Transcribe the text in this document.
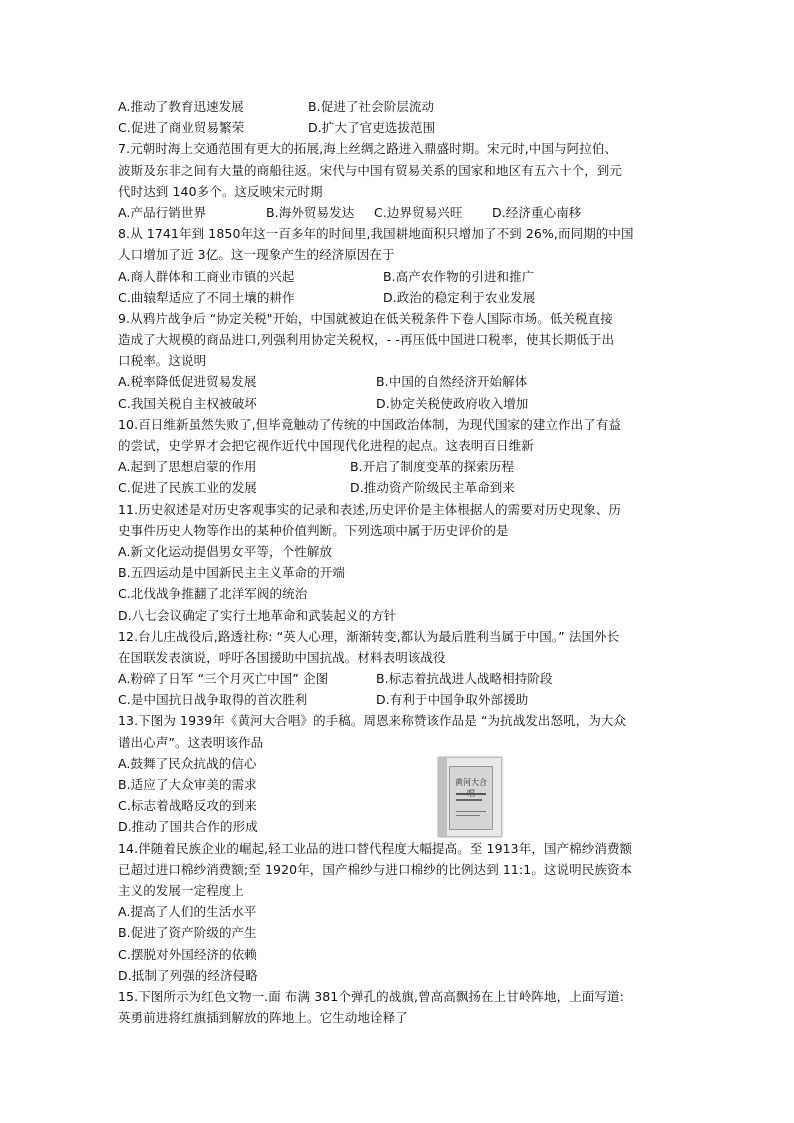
A.推动了教育迅速发展	B.促进了社会阶层流动
C.促进了商业贸易繁荣	D.扩大了官吏选拔范围
7.元朝时海上交通范围有更大的拓展,海上丝绸之路进入鼎盛时期。宋元时,中国与阿拉伯、
波斯及东非之间有大量的商船往返。宋代与中国有贸易关系的国家和地区有五六十个，到元
代时达到 140多个。这反映宋元时期
A.产品行销世界	B.海外贸易发达	C.边界贸易兴旺	D.经济重心南移
8.从 1741年到 1850年这一百多年的时间里,我国耕地面积只增加了不到 26%,而同期的中国
人口增加了近 3亿。这一现象产生的经济原因在于
A.商人群体和工商业市镇的兴起	B.高产农作物的引进和推广
C.曲辕犁适应了不同土壤的耕作	D.政治的稳定利于农业发展
9.从鸦片战争后 “协定关税"开始，中国就被迫在低关税条件下卷人国际市场。低关税直接
造成了大规模的商品进口,列强利用协定关税权，- -再压低中国进口税率，使其长期低于出
口税率。这说明
A.税率降低促进贸易发展	B.中国的自然经济开始解体
C.我国关税自主权被破坏	D.协定关税使政府收入增加
10.百日维新虽然失败了,但毕竟触动了传统的中国政治体制，为现代国家的建立作出了有益
的尝试，史学界才会把它视作近代中国现代化进程的起点。这表明百日维新
A.起到了思想启蒙的作用	B.开启了制度变革的探索历程
C.促进了民族工业的发展	D.推动资产阶级民主革命到来
11.历史叙述是对历史客观事实的记录和表述,历史评价是主体根据人的需要对历史现象、历
史事件历史人物等作出的某种价值判断。下列选项中属于历史评价的是
A.新文化运动提倡男女平等，个性解放
B.五四运动是中国新民主主义革命的开端
C.北伐战争推翻了北洋军阀的统治
D.八七会议确定了实行土地革命和武装起义的方针
12.台儿庄战役后,路透社称: “英人心理，渐渐转变,都认为最后胜利当属于中国。” 法国外长
在国联发表演说，呼吁各国援助中国抗战。材料表明该战役
A.粉碎了日军 “三个月灭亡中国” 企图	B.标志着抗战进人战略相持阶段
C.是中国抗日战争取得的首次胜利	D.有利于中国争取外部援助
13.下图为 1939年《黄河大合唱》的手稿。周恩来称赞该作品是 “为抗战发出怒吼，为大众
谱出心声”。这表明该作品
A.鼓舞了民众抗战的信心
B.适应了大众审美的需求
C.标志着战略反攻的到来
D.推动了国共合作的形成
黄河大合
14.伴随着民族企业的崛起,轻工业品的进口替代程度大幅提高。至 1913年，国产棉纱消费额
已超过进口棉纱消费额;至 1920年，国产棉纱与进口棉纱的比例达到 11:1。这说明民族资本
主义的发展一定程度上
A.提高了人们的生活水平
B.促进了资产阶级的产生
C.摆脱对外国经济的依赖
D.抵制了列强的经济侵略
15.下图所示为红色文物一.面 布满 381个弹孔的战旗,曾高高飘扬在上甘岭阵地，上面写道:
英勇前进将红旗插到解放的阵地上。它生动地诠释了
